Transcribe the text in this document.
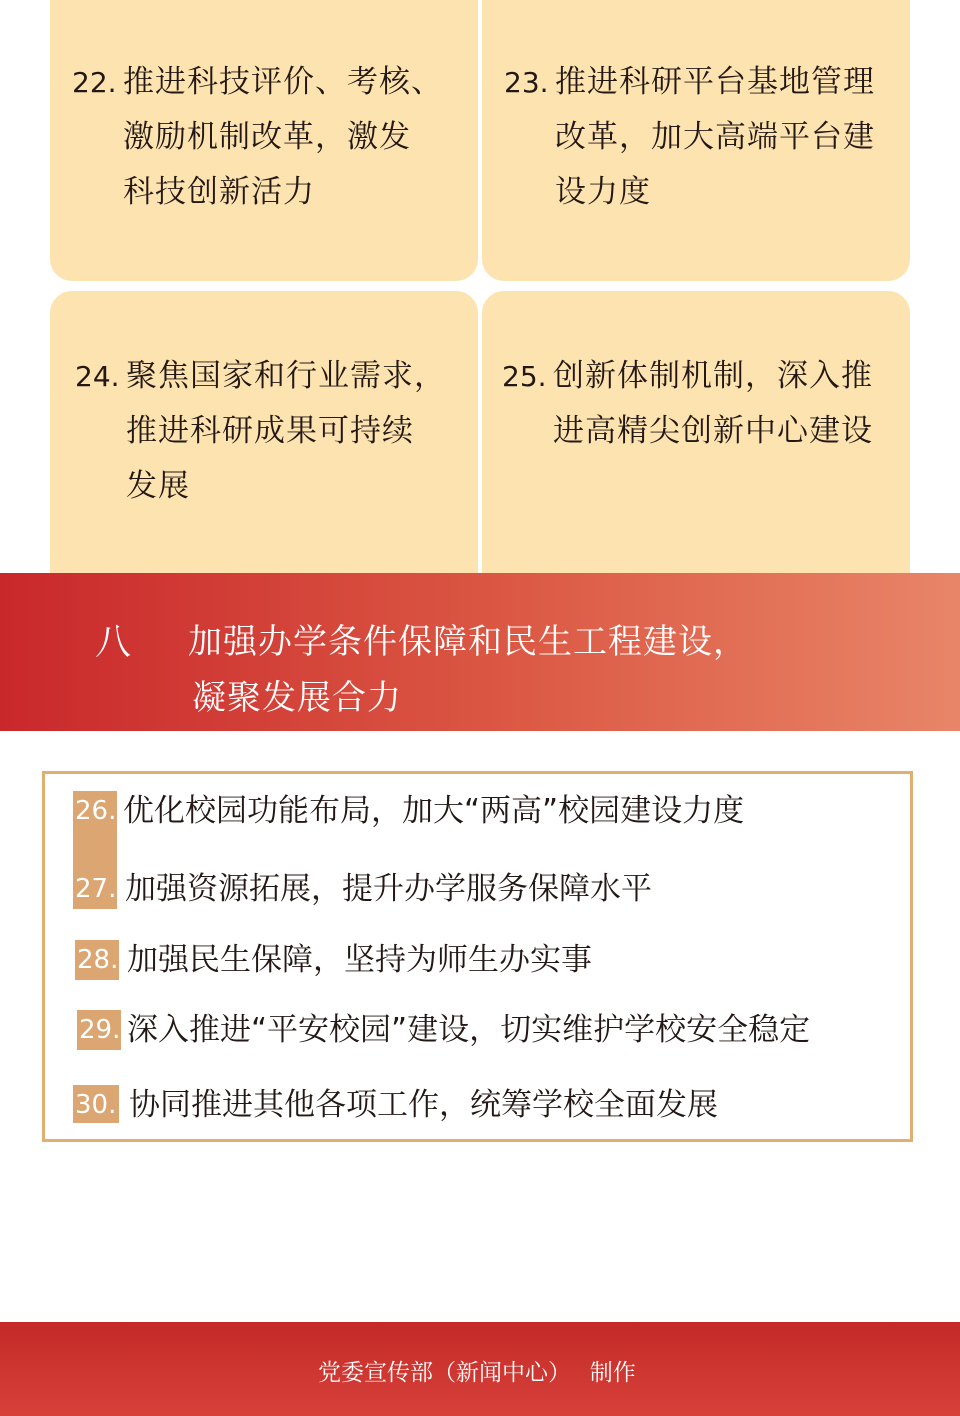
22. 推进科技评价、考核、
激励机制改革，激发
科技创新活力
23. 推进科研平台基地管理
改革，加大高端平台建
设力度
24. 聚焦国家和行业需求，
推进科研成果可持续
发展
25. 创新体制机制，深入推
进高精尖创新中心建设
八 加强办学条件保障和民生工程建设，
凝聚发展合力
26. 优化校园功能布局，加大“两高”校园建设力度
27. 加强资源拓展，提升办学服务保障水平
28. 加强民生保障，坚持为师生办实事
29. 深入推进“平安校园”建设，切实维护学校安全稳定
30. 协同推进其他各项工作，统筹学校全面发展
党委宣传部（新闻中心）　 制作
